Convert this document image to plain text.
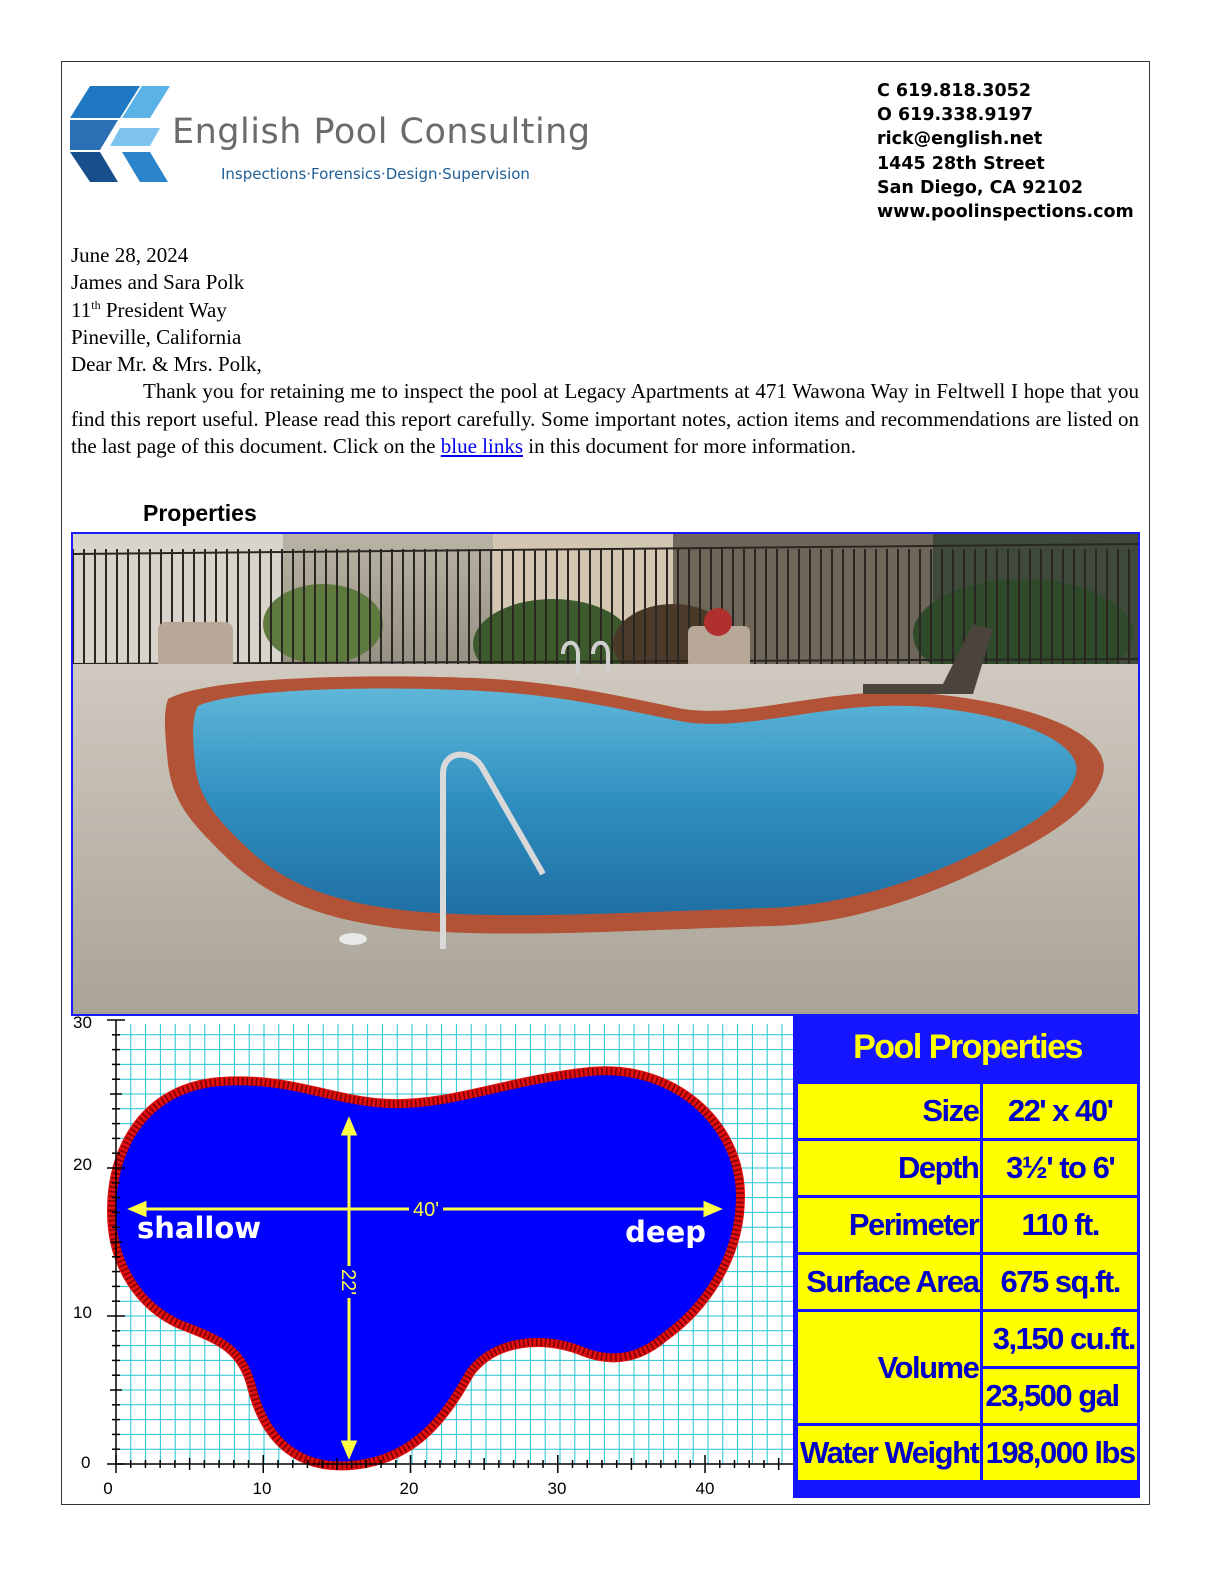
English Pool Consulting
Inspections·Forensics·Design·Supervision
C 619.818.3052
O 619.338.9197
rick@english.net
1445 28th Street
San Diego, CA 92102
www.poolinspections.com
June 28, 2024
James and Sara Polk
11th President Way
Pineville, California
Dear Mr. & Mrs. Polk,

Thank you for retaining me to inspect the pool at Legacy Apartments at 471 Wawona Way in Feltwell I hope that you find this report useful. Please read this report carefully. Some important notes, action items and recommendations are listed on the last page of this document. Click on the blue links in this document for more information.

Properties
40'
22'
shallow	deep
30
20
10
0
0	10	20	30	40
Pool Properties
Size	22' x 40'
Depth	3½' to 6'
Perimeter	110 ft.
Surface Area	675 sq.ft.
Volume	3,150 cu.ft.
	23,500 gal
Water Weight	198,000 lbs
